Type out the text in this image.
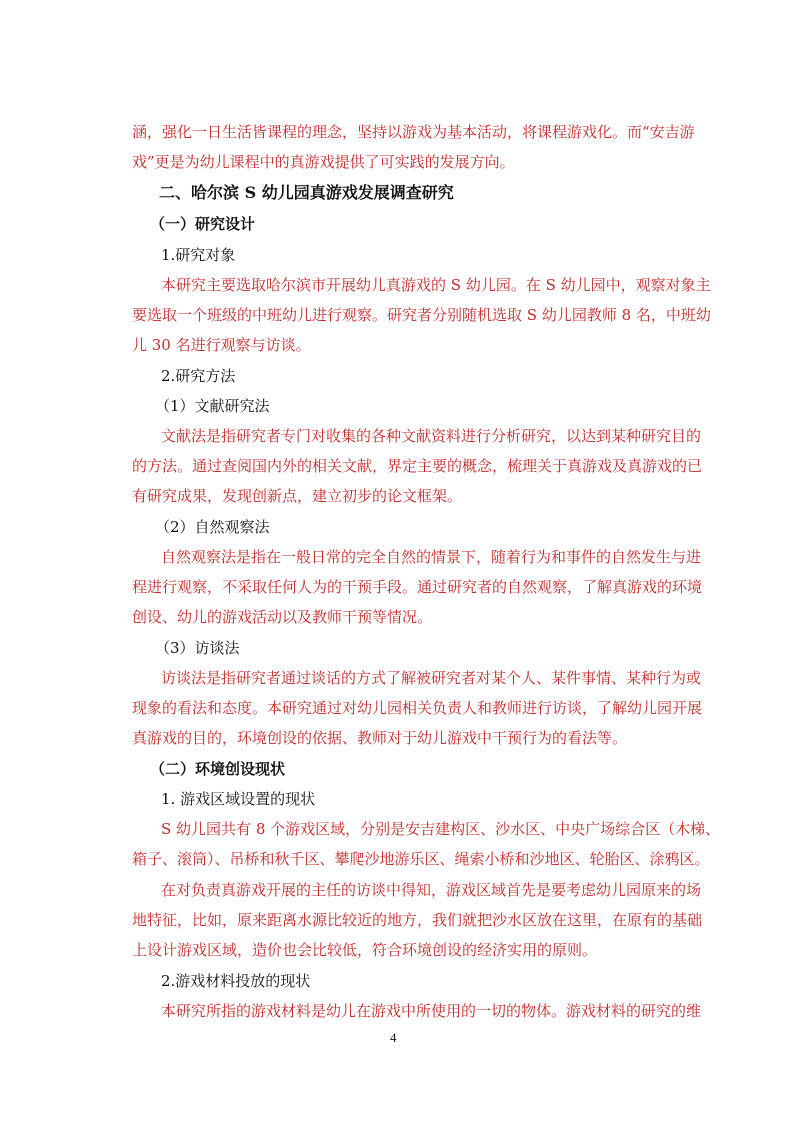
涵，强化一日生活皆课程的理念，坚持以游戏为基本活动，将课程游戏化。而“安吉游

戏”更是为幼儿课程中的真游戏提供了可实践的发展方向。

二、哈尔滨 S 幼儿园真游戏发展调查研究

（一）研究设计

1.研究对象

本研究主要选取哈尔滨市开展幼儿真游戏的 S 幼儿园。在 S 幼儿园中，观察对象主

要选取一个班级的中班幼儿进行观察。研究者分别随机选取 S 幼儿园教师 8 名，中班幼

儿 30 名进行观察与访谈。

2.研究方法

（1）文献研究法

文献法是指研究者专门对收集的各种文献资料进行分析研究，以达到某种研究目的

的方法。通过查阅国内外的相关文献，界定主要的概念，梳理关于真游戏及真游戏的已

有研究成果，发现创新点，建立初步的论文框架。

（2）自然观察法

自然观察法是指在一般日常的完全自然的情景下，随着行为和事件的自然发生与进

程进行观察，不采取任何人为的干预手段。通过研究者的自然观察，了解真游戏的环境

创设、幼儿的游戏活动以及教师干预等情况。

（3）访谈法

访谈法是指研究者通过谈话的方式了解被研究者对某个人、某件事情、某种行为或

现象的看法和态度。本研究通过对幼儿园相关负责人和教师进行访谈，了解幼儿园开展

真游戏的目的，环境创设的依据、教师对于幼儿游戏中干预行为的看法等。

（二）环境创设现状

1. 游戏区域设置的现状

S 幼儿园共有 8 个游戏区域，分别是安吉建构区、沙水区、中央广场综合区（木梯、

箱子、滚筒）、吊桥和秋千区、攀爬沙地游乐区、绳索小桥和沙地区、轮胎区、涂鸦区。

在对负责真游戏开展的主任的访谈中得知，游戏区域首先是要考虑幼儿园原来的场

地特征，比如，原来距离水源比较近的地方，我们就把沙水区放在这里，在原有的基础

上设计游戏区域，造价也会比较低，符合环境创设的经济实用的原则。

2.游戏材料投放的现状

本研究所指的游戏材料是幼儿在游戏中所使用的一切的物体。游戏材料的研究的维

4
